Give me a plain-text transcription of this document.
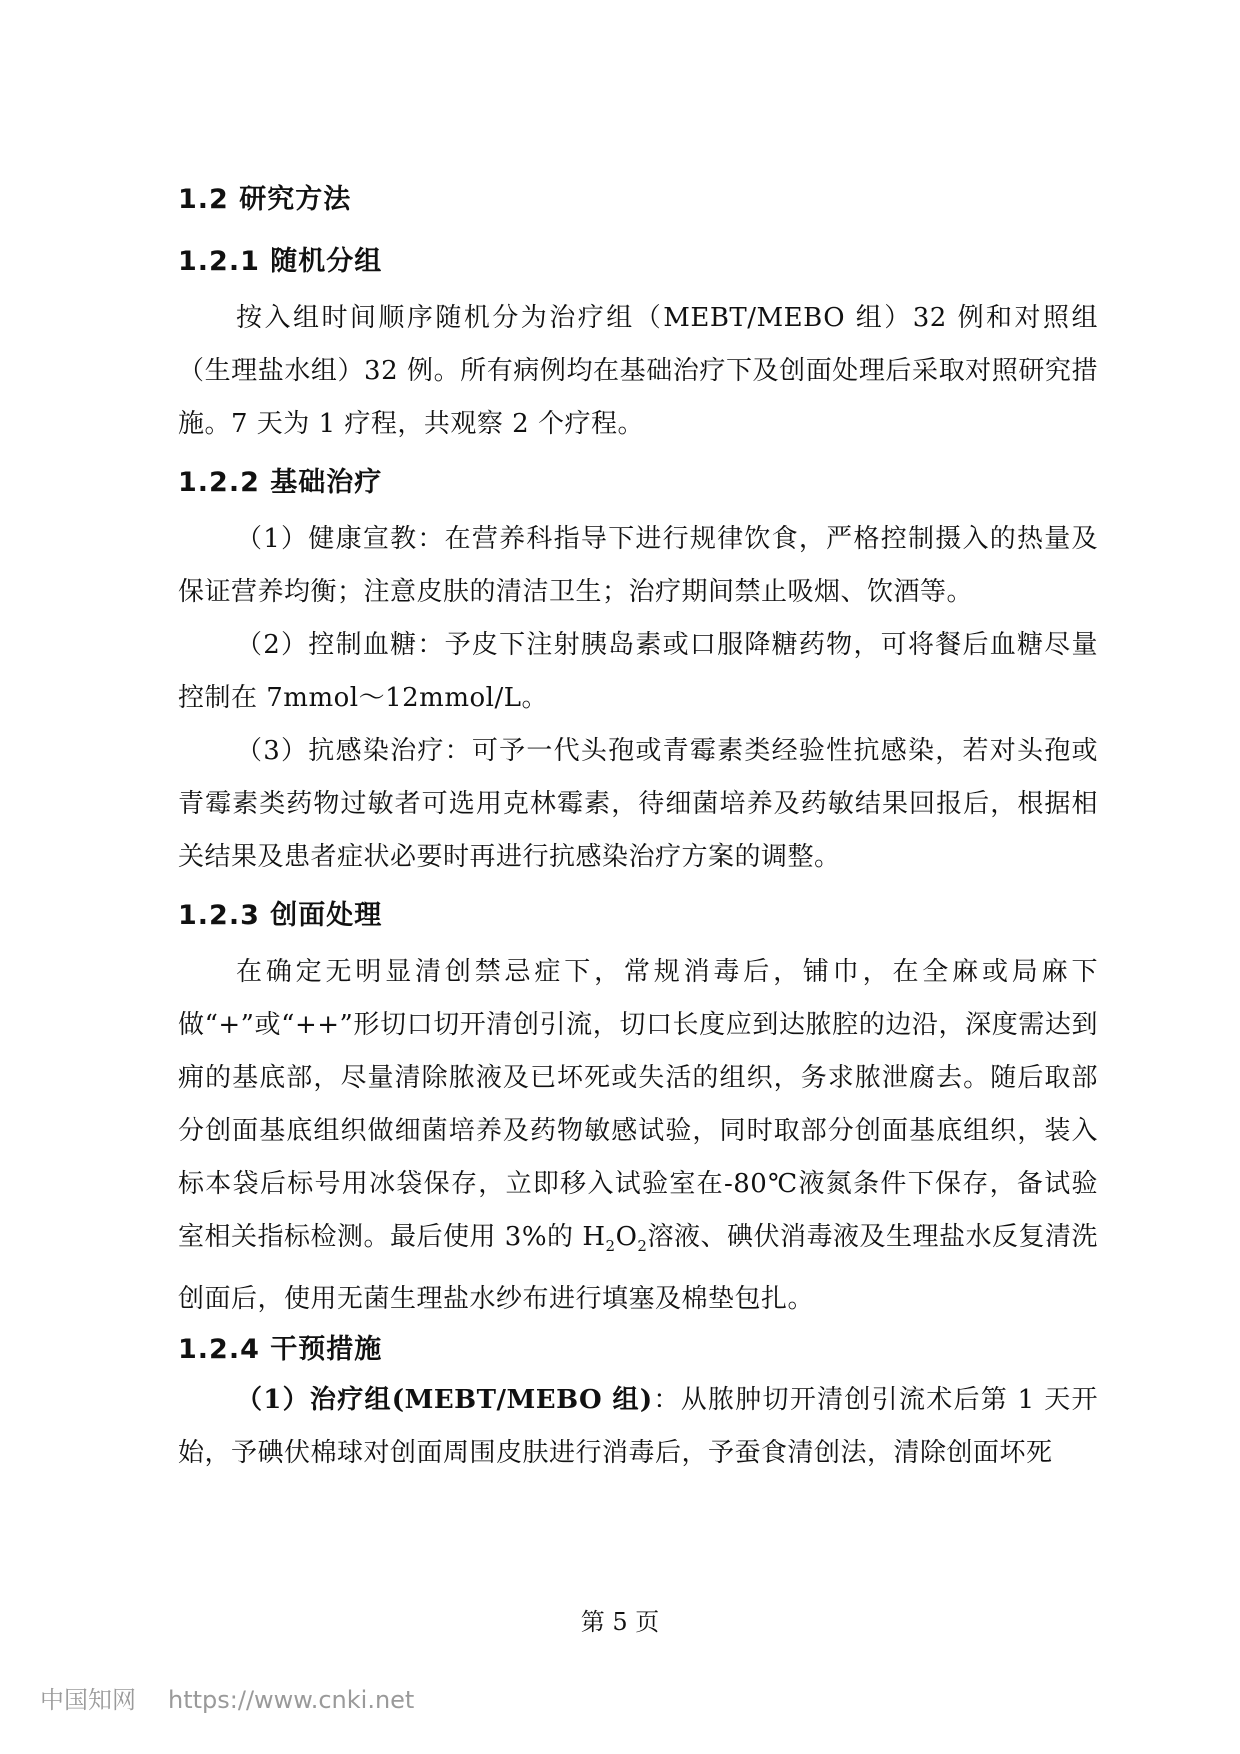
1.2 研究方法

1.2.1 随机分组

按入组时间顺序随机分为治疗组（MEBT/MEBO 组）32 例和对照组（生理盐水组）32 例。所有病例均在基础治疗下及创面处理后采取对照研究措施。7 天为 1 疗程，共观察 2 个疗程。

1.2.2 基础治疗

（1）健康宣教：在营养科指导下进行规律饮食，严格控制摄入的热量及保证营养均衡；注意皮肤的清洁卫生；治疗期间禁止吸烟、饮酒等。

（2）控制血糖：予皮下注射胰岛素或口服降糖药物，可将餐后血糖尽量控制在 7mmol～12mmol/L。

（3）抗感染治疗：可予一代头孢或青霉素类经验性抗感染，若对头孢或青霉素类药物过敏者可选用克林霉素，待细菌培养及药敏结果回报后，根据相关结果及患者症状必要时再进行抗感染治疗方案的调整。

1.2.3 创面处理

在确定无明显清创禁忌症下，常规消毒后，铺巾，在全麻或局麻下做“+”或“++”形切口切开清创引流，切口长度应到达脓腔的边沿，深度需达到痈的基底部，尽量清除脓液及已坏死或失活的组织，务求脓泄腐去。随后取部分创面基底组织做细菌培养及药物敏感试验，同时取部分创面基底组织，装入标本袋后标号用冰袋保存，立即移入试验室在-80℃液氮条件下保存，备试验室相关指标检测。最后使用 3%的 $H_2O_2$溶液、碘伏消毒液及生理盐水反复清洗创面后，使用无菌生理盐水纱布进行填塞及棉垫包扎。

1.2.4 干预措施

（1）治疗组(MEBT/MEBO 组)：从脓肿切开清创引流术后第 1 天开始，予碘伏棉球对创面周围皮肤进行消毒后，予蚕食清创法，清除创面坏死

第 5 页
中国知网 https://www.cnki.net
